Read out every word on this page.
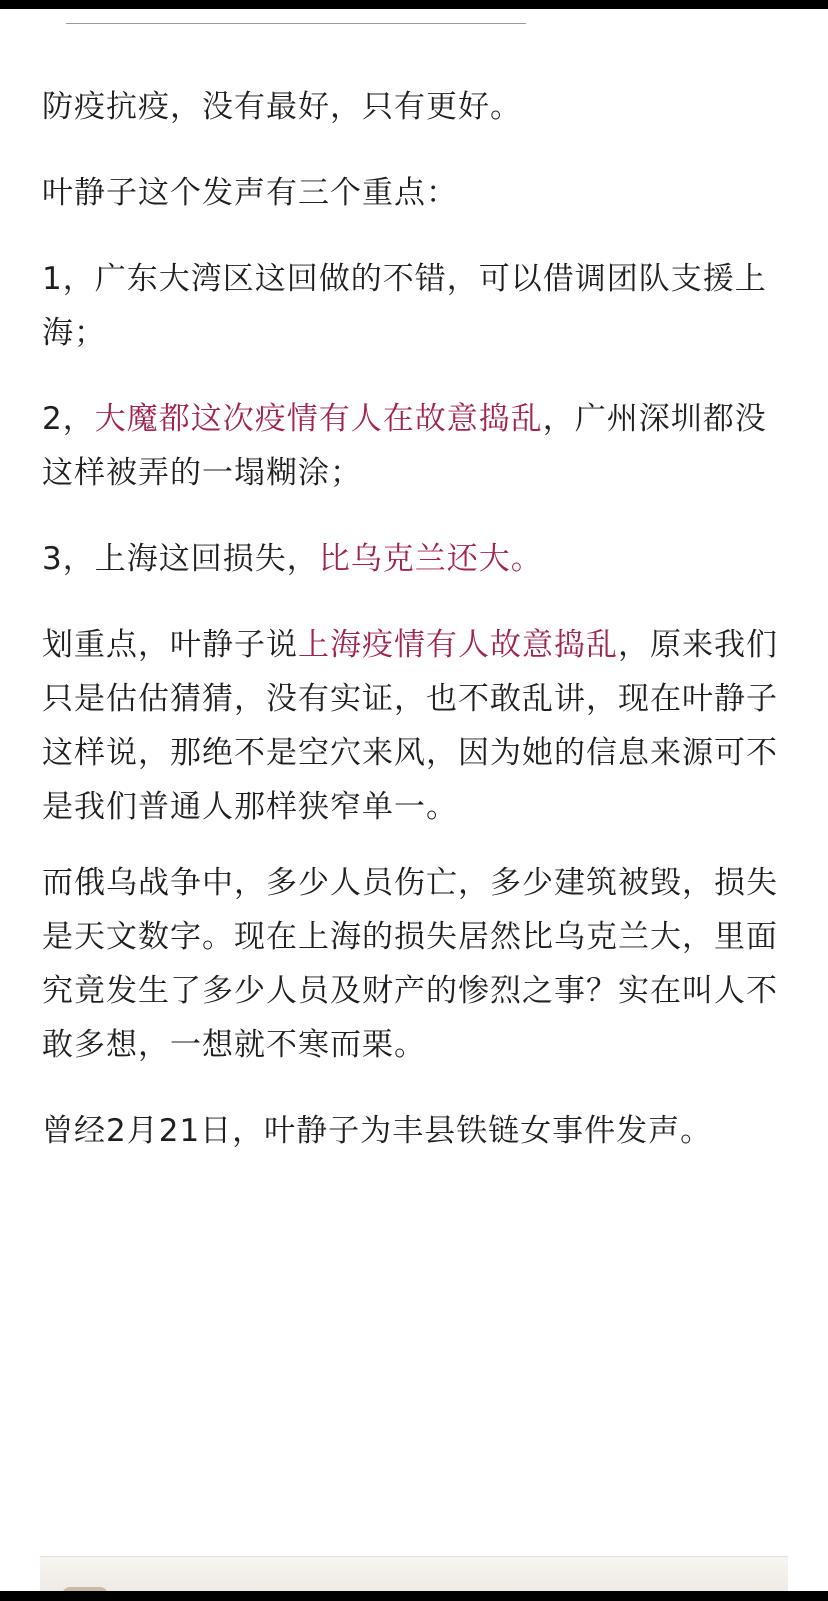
防疫抗疫，没有最好，只有更好。

叶静子这个发声有三个重点：

1，广东大湾区这回做的不错，可以借调团队支援上海；

2，大魔都这次疫情有人在故意捣乱，广州深圳都没这样被弄的一塌糊涂；

3，上海这回损失，比乌克兰还大。

划重点，叶静子说上海疫情有人故意捣乱，原来我们只是估估猜猜，没有实证，也不敢乱讲，现在叶静子这样说，那绝不是空穴来风，因为她的信息来源可不是我们普通人那样狭窄单一。

而俄乌战争中，多少人员伤亡，多少建筑被毁，损失是天文数字。现在上海的损失居然比乌克兰大，里面究竟发生了多少人员及财产的惨烈之事？实在叫人不敢多想，一想就不寒而栗。

曾经2月21日，叶静子为丰县铁链女事件发声。
